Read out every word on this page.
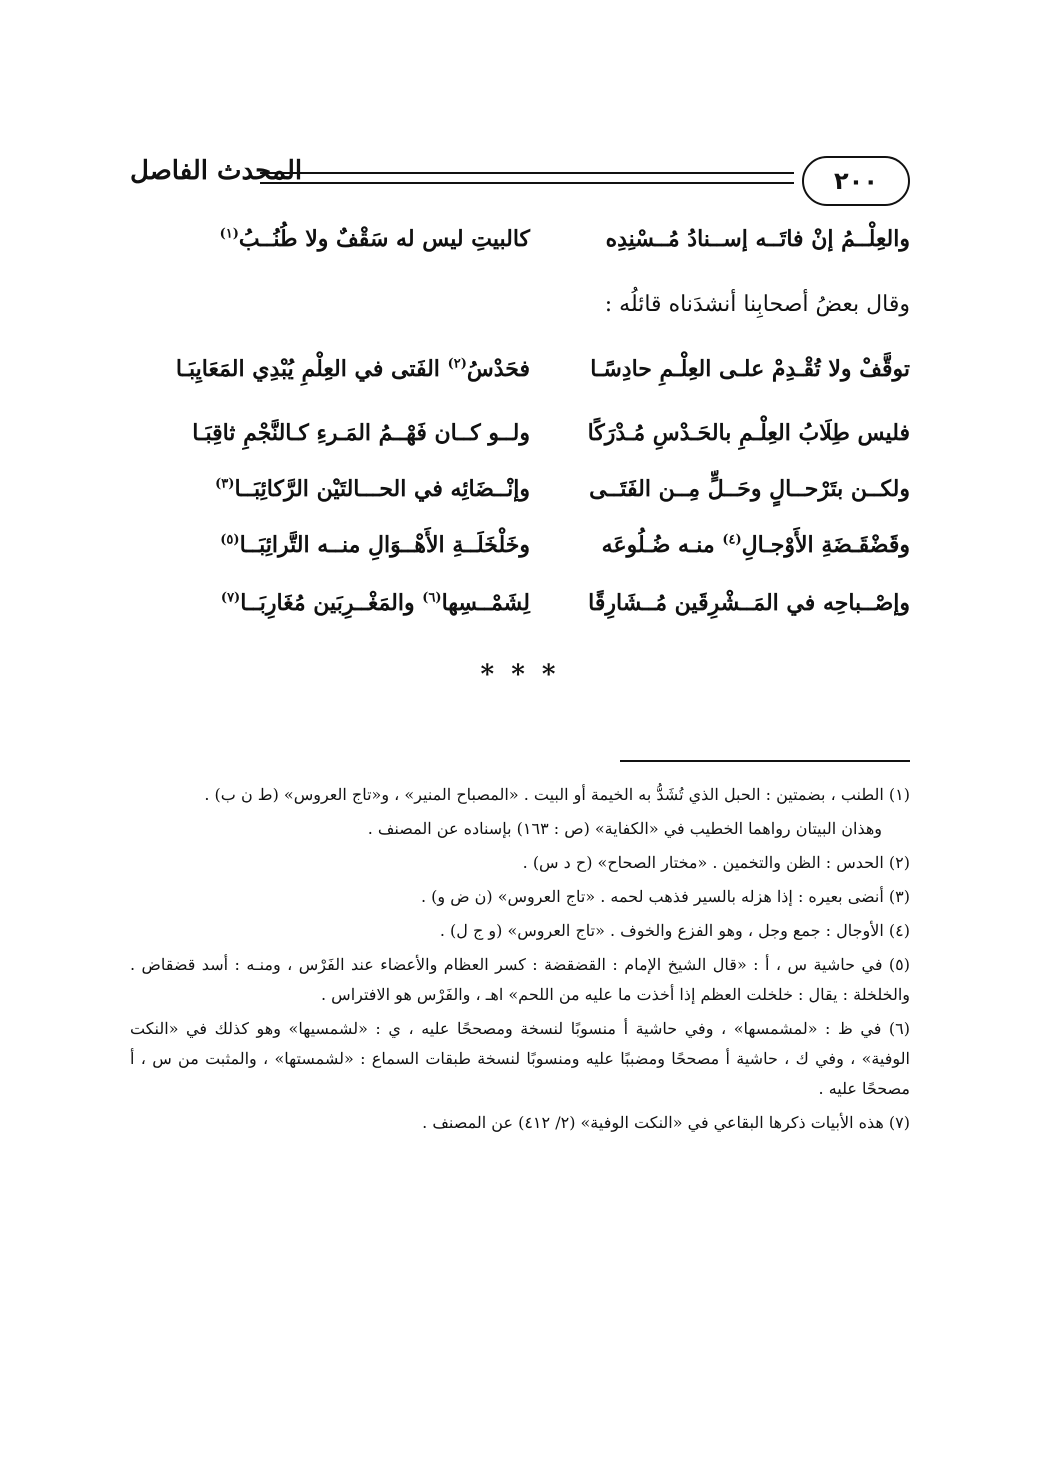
٢٠٠
المحدث الفاصل
والعِلْــمُ إنْ فاتَــه إســنادُ مُــسْنِدِه
كالبيتِ ليس له سَقْفٌ ولا طُنُــبُ$^{(١)}$
وقال بعضُ أصحابِنا أنشدَناه قائلُه :
توقَّفْ ولا تُقْـدِمْ علـى العِلْـمِ حادِسًـا
فحَدْسُ$^{(٢)}$ الفَتى في العِلْمِ يُبْدِي المَعَايِبَـا
فليس طِلَابُ العِلْـمِ بالحَـدْسِ مُـدْرَكًا
ولــو كــان فَهْــمُ المَـرءِ كـالنَّجْمِ ثاقِبَـا
ولكــن بتَرْحــالٍ وحَــلٍّ مِــن الفَتَــى
وإنْــضَائِه في الحـــالتَيْن الرَّكائِبَــا$^{(٣)}$
وقَضْقَـضَةِ الأَوْجـالِ$^{(٤)}$ منـه ضُـلُوعَه
وخَلْخَلَــةِ الأَهْــوَالِ منــه التَّرائِبَــا$^{(٥)}$
وإصْــباحِه في المَــشْرِقَين مُــشَارِقًا
لِشَمْــسِها$^{(٦)}$ والمَغْــرِبَين مُغَارِبَــا$^{(٧)}$
* * *

(١) الطنب ، بضمتين : الحبل الذي تُشَدُّ به الخيمة أو البيت . «المصباح المنير» ، و«تاج العروس» (ط ن ب) .

وهذان البيتان رواهما الخطيب في «الكفاية» (ص : ١٦٣) بإسناده عن المصنف .

(٢) الحدس : الظن والتخمين . «مختار الصحاح» (ح د س) .

(٣) أنضى بعيره : إذا هزله بالسير فذهب لحمه . «تاج العروس» (ن ض و) .

(٤) الأوجال : جمع وجل ، وهو الفزع والخوف . «تاج العروس» (و ج ل) .

(٥) في حاشية س ، أ : «قال الشيخ الإمام : القضقضة : كسر العظام والأعضاء عند الفَرْس ، ومنـه : أسد قضقاض . والخلخلة : يقال : خلخلت العظم إذا أخذت ما عليه من اللحم» اهـ ، والفَرْس هو الافتراس .

(٦) في ظ : «لمشمسها» ، وفي حاشية أ منسوبًا لنسخة ومصححًا عليه ، ي : «لشمسيها» وهو كذلك في «النكت الوفية» ، وفي ك ، حاشية أ مصححًا ومضببًا عليه ومنسوبًا لنسخة طبقات السماع : «لشمستها» ، والمثبت من س ، أ مصححًا عليه .

(٧) هذه الأبيات ذكرها البقاعي في «النكت الوفية» (٢/ ٤١٢) عن المصنف .
